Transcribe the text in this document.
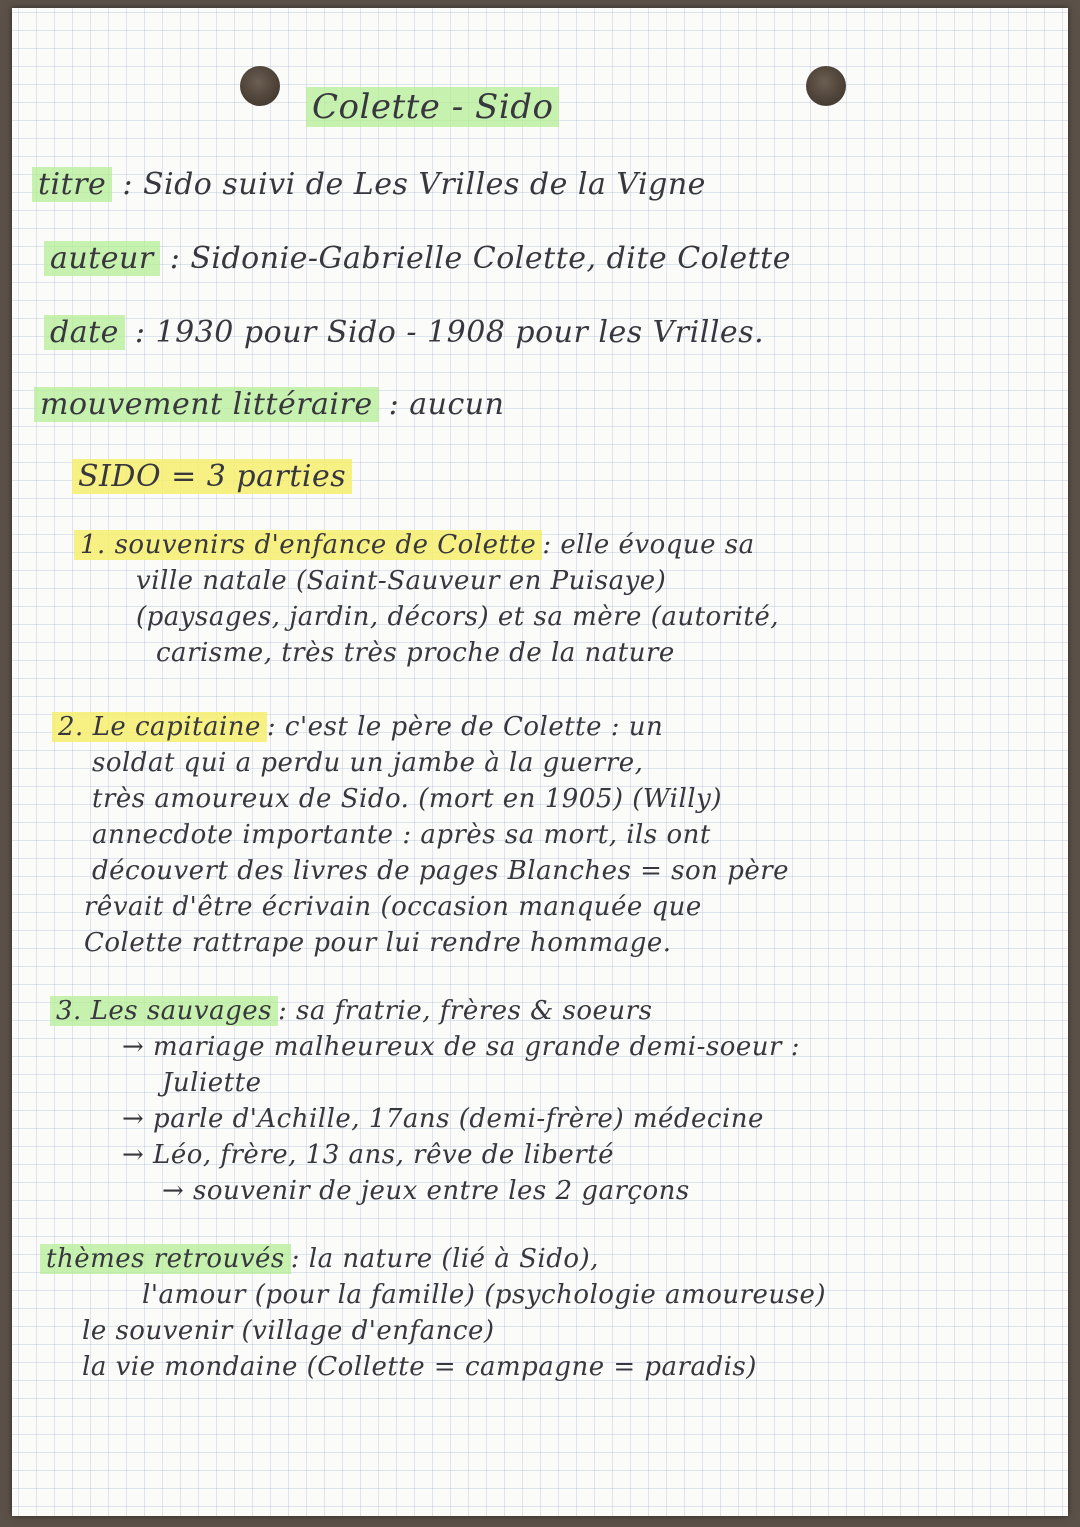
Colette - Sido
titre : Sido suivi de Les Vrilles de la Vigne
auteur : Sidonie-Gabrielle Colette, dite Colette
date : 1930 pour Sido - 1908 pour les Vrilles.
mouvement littéraire : aucun
SIDO = 3 parties
1. souvenirs d'enfance de Colette : elle évoque sa
ville natale (Saint-Sauveur en Puisaye)
(paysages, jardin, décors) et sa mère (autorité,
carisme, très très proche de la nature
2. Le capitaine : c'est le père de Colette : un
soldat qui a perdu un jambe à la guerre,
très amoureux de Sido. (mort en 1905) (Willy)
annecdote importante : après sa mort, ils ont
découvert des livres de pages Blanches = son père
rêvait d'être écrivain (occasion manquée que
Colette rattrape pour lui rendre hommage.
3. Les sauvages : sa fratrie, frères & soeurs
→ mariage malheureux de sa grande demi-soeur :
Juliette
→ parle d'Achille, 17ans (demi-frère) médecine
→ Léo, frère, 13 ans, rêve de liberté
→ souvenir de jeux entre les 2 garçons
thèmes retrouvés : la nature (lié à Sido),
l'amour (pour la famille) (psychologie amoureuse)
le souvenir (village d'enfance)
la vie mondaine (Collette = campagne = paradis)
